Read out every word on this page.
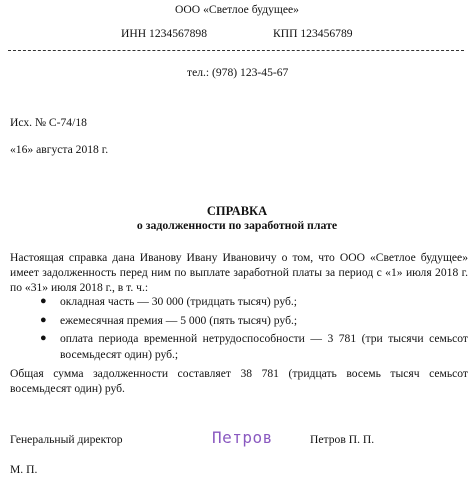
ООО «Светлое будущее»
ИНН 1234567898	КПП 123456789
тел.: (978) 123-45-67
Исх. № С-74/18
«16» августа 2018 г.
СПРАВКА
о задолженности по заработной плате
Настоящая справка дана Иванову Ивану Ивановичу о том, что ООО «Светлое будущее» имеет задолженность перед ним по выплате заработной платы за период с «1» июля 2018 г. по «31» июля 2018 г., в т. ч.:
● окладная часть — 30 000 (тридцать тысяч) руб.;
● ежемесячная премия — 5 000 (пять тысяч) руб.;
● оплата периода временной нетрудоспособности — 3 781 (три тысячи семьсот восемьдесят один) руб.;
Общая сумма задолженности составляет 38 781 (тридцать восемь тысяч семьсот восемьдесят один) руб.
Генеральный директор	Петров	Петров П. П.
М. П.
